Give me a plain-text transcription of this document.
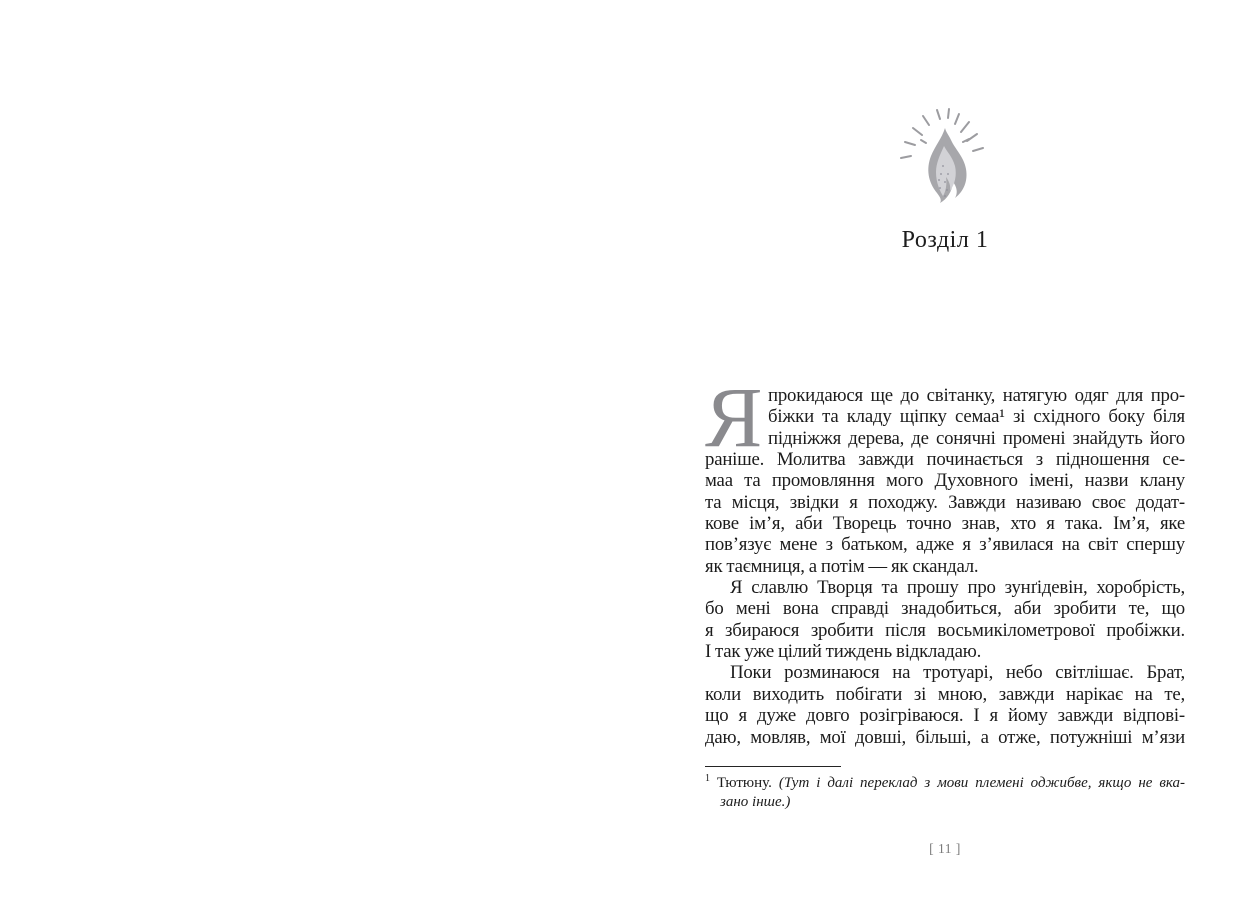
Розділ 1
Я прокидаюся ще до світанку, натягую одяг для про-
біжки та кладу щіпку семаа¹ зі східного боку біля
підніжжя дерева, де сонячні промені знайдуть його
раніше. Молитва завжди починається з підношення се-
маа та промовляння мого Духовного імені, назви клану
та місця, звідки я походжу. Завжди називаю своє додат-
кове ім’я, аби Творець точно знав, хто я така. Ім’я, яке
пов’язує мене з батьком, адже я з’явилася на світ спершу
як таємниця, а потім — як скандал.
Я славлю Творця та прошу про зунґідевін, хоробрість,
бо мені вона справді знадобиться, аби зробити те, що
я збираюся зробити після восьмикілометрової пробіжки.
І так уже цілий тиждень відкладаю.
Поки розминаюся на тротуарі, небо світлішає. Брат,
коли виходить побігати зі мною, завжди нарікає на те,
що я дуже довго розігріваюся. І я йому завжди відпові-
даю, мовляв, мої довші, більші, а отже, потужніші м’язи
$^1$ Тютюну. (Тут і далі переклад з мови племені оджибве, якщо не вка-
зано інше.)
[ 11 ]
